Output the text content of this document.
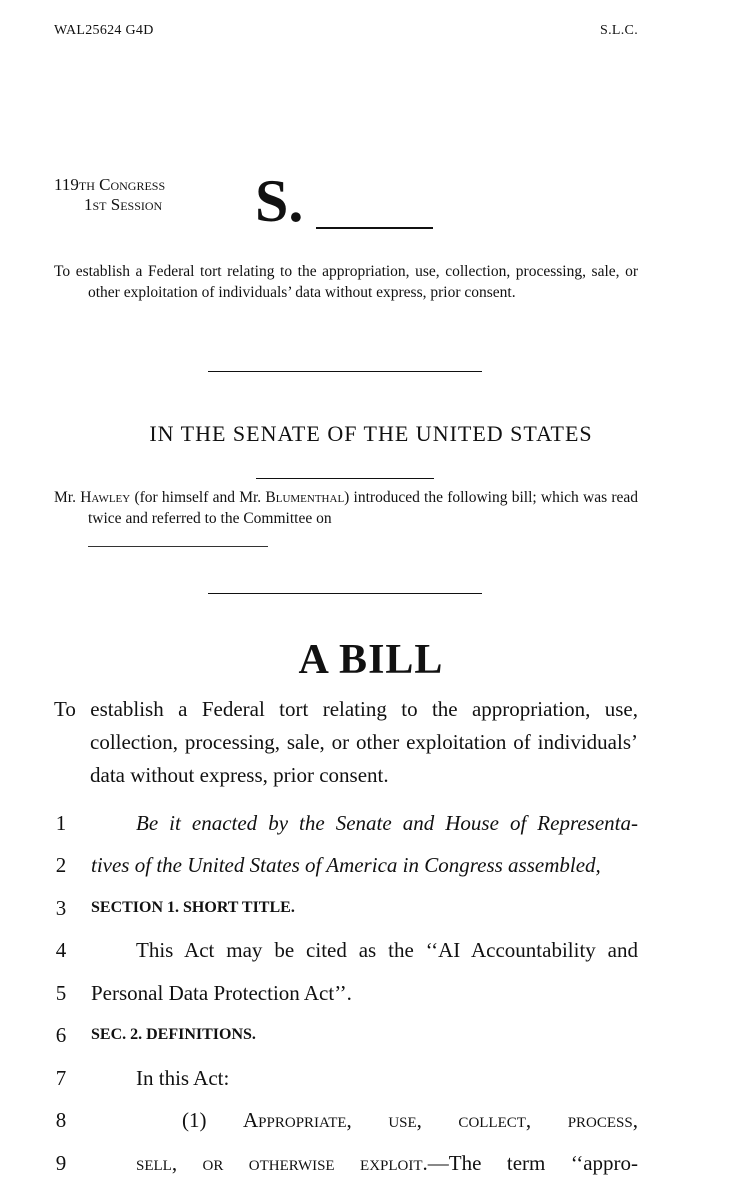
WAL25624 G4D	S.L.C.
119th Congress
1st Session S.
To establish a Federal tort relating to the appropriation, use, collection, processing, sale, or other exploitation of individuals’ data without express, prior consent.
IN THE SENATE OF THE UNITED STATES
Mr. Hawley (for himself and Mr. Blumenthal) introduced the following bill; which was read twice and referred to the Committee on
A BILL
To establish a Federal tort relating to the appropriation, use, collection, processing, sale, or other exploitation of individuals’ data without express, prior consent.
1	Be it enacted by the Senate and House of Representa-
2	tives of the United States of America in Congress assembled,
3	SECTION 1. SHORT TITLE.
4	This Act may be cited as the ‘‘AI Accountability and
5	Personal Data Protection Act’’.
6	SEC. 2. DEFINITIONS.
7	In this Act:
8	(1) Appropriate, use, collect, process,
9	sell, or otherwise exploit.—The term ‘‘appro-
